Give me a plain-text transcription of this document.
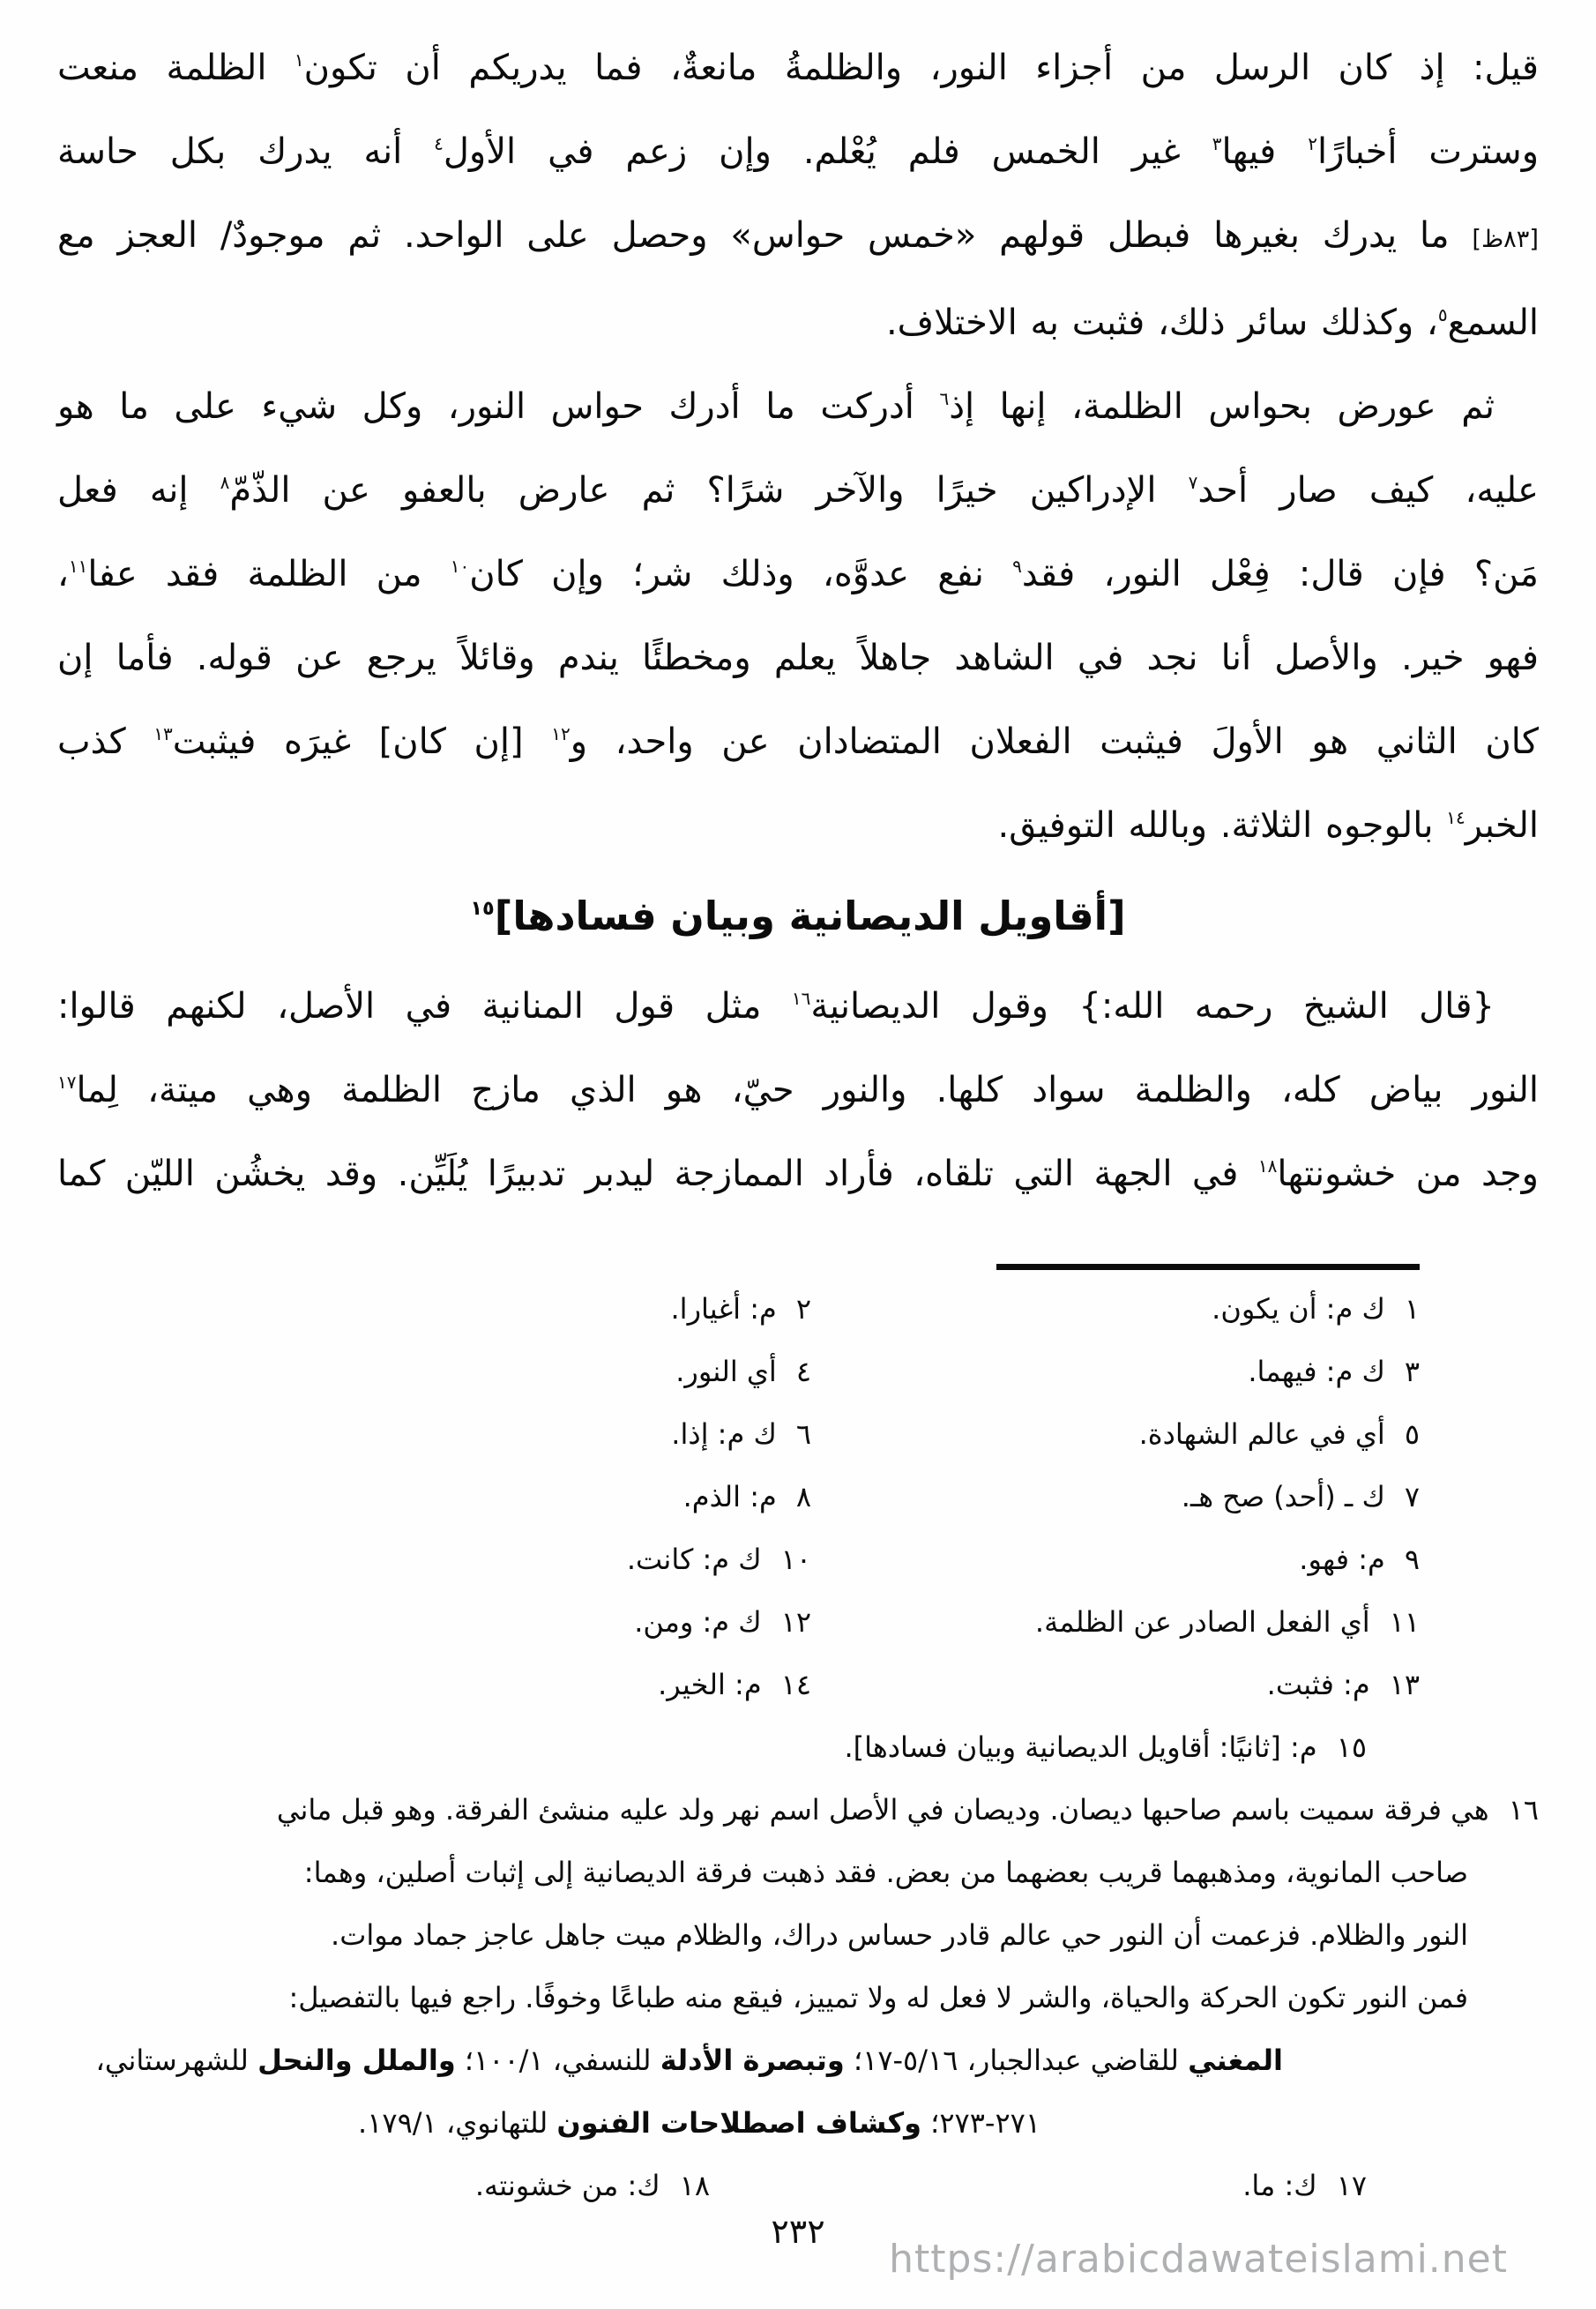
قيل: إذ كان الرسل من أجزاء النور، والظلمةُ مانعةٌ، فما يدريكم أن تكون$^١$ الظلمة منعت
وسترت أخبارًا$^٢$ فيها$^٣$ غير الخمس فلم يُعْلم. وإن زعم في الأول$^٤$ أنه يدرك بكل حاسة
[٨٣ظ] ما يدرك بغيرها فبطل قولهم «خمس حواس» وحصل على الواحد. ثم موجودٌ/ العجز مع
السمع$^٥$، وكذلك سائر ذلك، فثبت به الاختلاف.
ثم عورض بحواس الظلمة، إنها إذ$^٦$ أدركت ما أدرك حواس النور، وكل شيء على ما هو
عليه، كيف صار أحد$^٧$ الإدراكين خيرًا والآخر شرًا؟ ثم عارض بالعفو عن الذّمّ$^٨$ إنه فعل
مَن؟ فإن قال: فِعْل النور، فقد$^٩$ نفع عدوَّه، وذلك شر؛ وإن كان$^{١٠}$ من الظلمة فقد عفا$^{١١}$،
فهو خير. والأصل أنا نجد في الشاهد جاهلاً يعلم ومخطئًا يندم وقائلاً يرجع عن قوله. فأما إن
كان الثاني هو الأولَ فيثبت الفعلان المتضادان عن واحد، و$^{١٢}$ [إن كان] غيرَه فيثبت$^{١٣}$ كذب
الخبر$^{١٤}$ بالوجوه الثلاثة. وبالله التوفيق.
[أقاويل الديصانية وبيان فسادها]$^{١٥}$
{قال الشيخ رحمه الله:} وقول الديصانية$^{١٦}$ مثل قول المنانية في الأصل، لكنهم قالوا:
النور بياض كله، والظلمة سواد كلها. والنور حيّ، هو الذي مازج الظلمة وهي ميتة، لِما$^{١٧}$
وجد من خشونتها$^{١٨}$ في الجهة التي تلقاه، فأراد الممازجة ليدبر تدبيرًا يُلَيِّن. وقد يخشُن الليّن كما
١ك م: أن يكون.
٢م: أغيارا.
٣ك م: فيهما.
٤أي النور.
٥أي في عالم الشهادة.
٦ك م: إذا.
٧ك ـ (أحد) صح هـ.
٨م: الذم.
٩م: فهو.
١٠ك م: كانت.
١١أي الفعل الصادر عن الظلمة.
١٢ك م: ومن.
١٣م: فثبت.
١٤م: الخير.
١٥م: [ثانيًا: أقاويل الديصانية وبيان فسادها].
١٦هي فرقة سميت باسم صاحبها ديصان. وديصان في الأصل اسم نهر ولد عليه منشئ الفرقة. وهو قبل ماني
صاحب المانوية، ومذهبهما قريب بعضهما من بعض. فقد ذهبت فرقة الديصانية إلى إثبات أصلين، وهما:
النور والظلام. فزعمت أن النور حي عالم قادر حساس دراك، والظلام ميت جاهل عاجز جماد موات.
فمن النور تكون الحركة والحياة، والشر لا فعل له ولا تمييز، فيقع منه طباعًا وخوفًا. راجع فيها بالتفصيل:
المغني للقاضي عبدالجبار، ٥/١٦-١٧؛ وتبصرة الأدلة للنسفي، ١٠٠/١؛ والملل والنحل للشهرستاني،
٢٧١-٢٧٣؛ وكشاف اصطلاحات الفنون للتهانوي، ١٧٩/١.
١٧ك: ما.
١٨ك: من خشونته.
٢٣٢
https://arabicdawateislami.net
